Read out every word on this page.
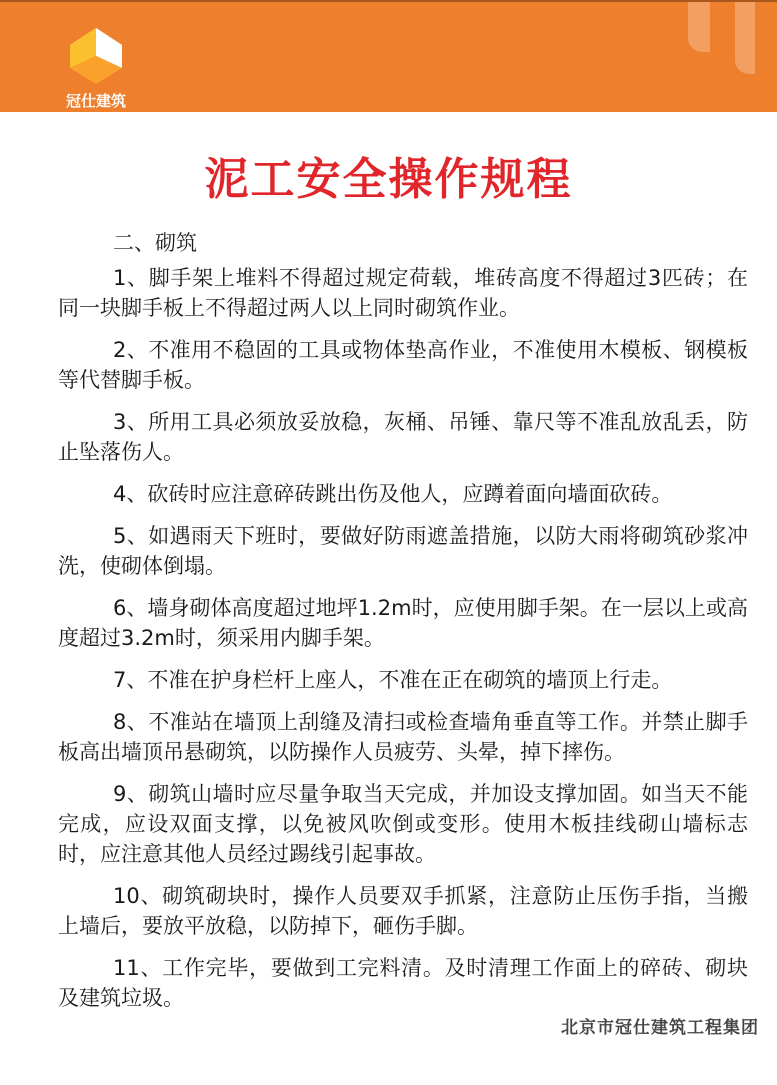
冠仕建筑
泥工安全操作规程

二、砌筑

1、脚手架上堆料不得超过规定荷载，堆砖高度不得超过3匹砖；在同一块脚手板上不得超过两人以上同时砌筑作业。

2、不准用不稳固的工具或物体垫高作业，不准使用木模板、钢模板等代替脚手板。

3、所用工具必须放妥放稳，灰桶、吊锤、靠尺等不准乱放乱丢，防止坠落伤人。

4、砍砖时应注意碎砖跳出伤及他人，应蹲着面向墙面砍砖。

5、如遇雨天下班时，要做好防雨遮盖措施，以防大雨将砌筑砂浆冲洗，使砌体倒塌。

6、墙身砌体高度超过地坪1.2m时，应使用脚手架。在一层以上或高度超过3.2m时，须采用内脚手架。

7、不准在护身栏杆上座人，不准在正在砌筑的墙顶上行走。

8、不准站在墙顶上刮缝及清扫或检查墙角垂直等工作。并禁止脚手板高出墙顶吊悬砌筑，以防操作人员疲劳、头晕，掉下摔伤。

9、砌筑山墙时应尽量争取当天完成，并加设支撑加固。如当天不能完成，应设双面支撑，以免被风吹倒或变形。使用木板挂线砌山墙标志时，应注意其他人员经过踢线引起事故。

10、砌筑砌块时，操作人员要双手抓紧，注意防止压伤手指，当搬上墙后，要放平放稳，以防掉下，砸伤手脚。

11、工作完毕，要做到工完料清。及时清理工作面上的碎砖、砌块及建筑垃圾。

北京市冠仕建筑工程集团
